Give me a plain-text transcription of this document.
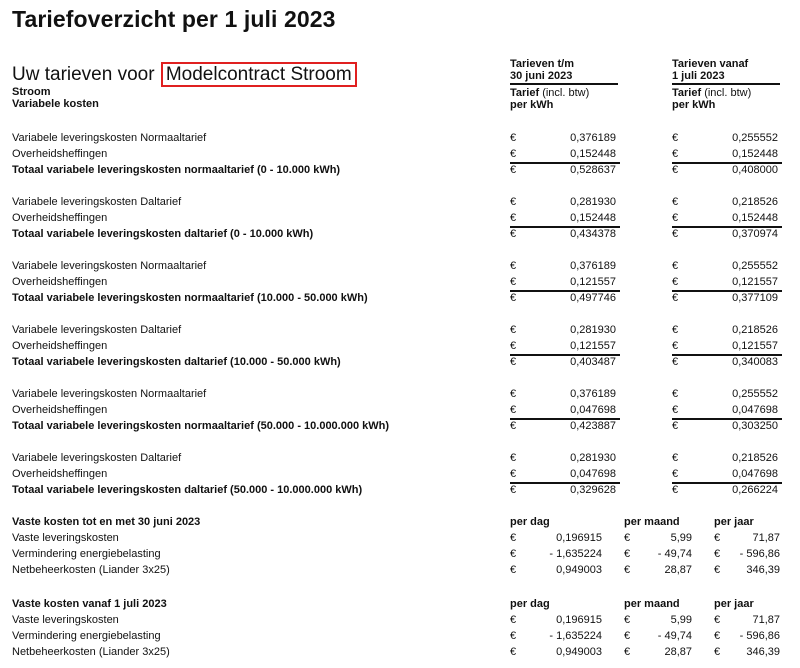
Tariefoverzicht per 1 juli 2023
Uw tarieven voor Modelcontract Stroom	Tarieven t/m
30 juni 2023
Tarief (incl. btw)
per kWh
Tarieven vanaf
1 juli 2023
Tarief (incl. btw)
per kWh
Stroom
Variabele kosten
Variabele leveringskosten Normaaltarief	€	0,376189	€	0,255552
Overheidsheffingen	€	0,152448	€	0,152448
Totaal variabele leveringskosten normaaltarief (0 - 10.000 kWh)	€	0,528637	€	0,408000
Variabele leveringskosten Daltarief	€	0,281930	€	0,218526
Overheidsheffingen	€	0,152448	€	0,152448
Totaal variabele leveringskosten daltarief (0 - 10.000 kWh)	€	0,434378	€	0,370974
Variabele leveringskosten Normaaltarief	€	0,376189	€	0,255552
Overheidsheffingen	€	0,121557	€	0,121557
Totaal variabele leveringskosten normaaltarief (10.000 - 50.000 kWh)	€	0,497746	€	0,377109
Variabele leveringskosten Daltarief	€	0,281930	€	0,218526
Overheidsheffingen	€	0,121557	€	0,121557
Totaal variabele leveringskosten daltarief (10.000 - 50.000 kWh)	€	0,403487	€	0,340083
Variabele leveringskosten Normaaltarief	€	0,376189	€	0,255552
Overheidsheffingen	€	0,047698	€	0,047698
Totaal variabele leveringskosten normaaltarief (50.000 - 10.000.000 kWh)	€	0,423887	€	0,303250
Variabele leveringskosten Daltarief	€	0,281930	€	0,218526
Overheidsheffingen	€	0,047698	€	0,047698
Totaal variabele leveringskosten daltarief (50.000 - 10.000.000 kWh)	€	0,329628	€	0,266224
Vaste kosten tot en met 30 juni 2023	per dag	per maand	per jaar
Vaste leveringskosten	€	0,196915 €	5,99 €	71,87
Vermindering energiebelasting	€	- 1,635224 €	- 49,74 € - 596,86
Netbeheerkosten (Liander 3x25)	€	0,949003 €	28,87 € 346,39
Vaste kosten vanaf 1 juli 2023	per dag	per maand	per jaar
Vaste leveringskosten	€	0,196915 €	5,99 €	71,87
Vermindering energiebelasting	€	- 1,635224 €	- 49,74 € - 596,86
Netbeheerkosten (Liander 3x25)	€	0,949003 €	28,87 € 346,39
